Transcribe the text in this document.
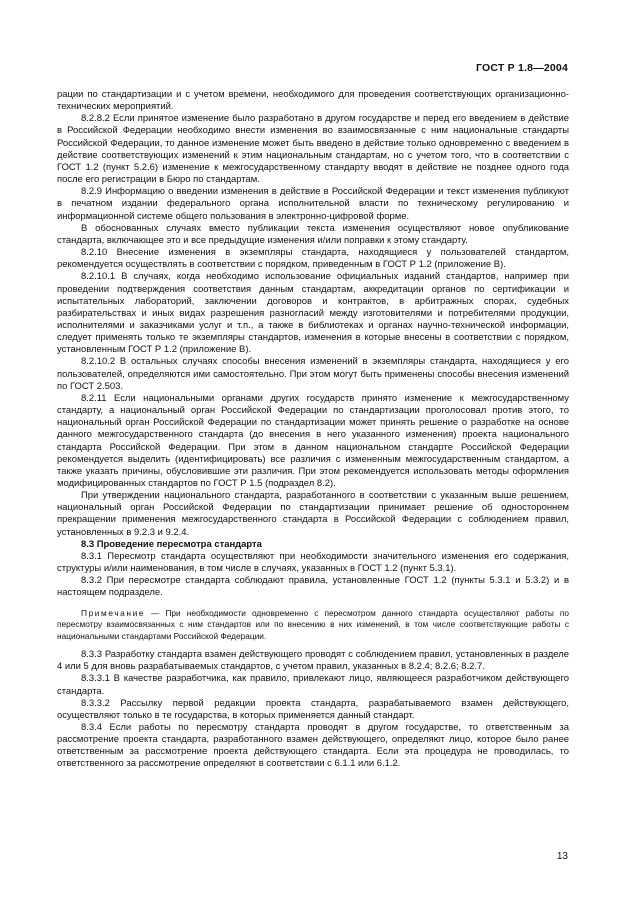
ГОСТ Р 1.8—2004

рации по стандартизации и с учетом времени, необходимого для проведения соответствующих организационно-технических мероприятий.

8.2.8.2 Если принятое изменение было разработано в другом государстве и перед его введением в действие в Российской Федерации необходимо внести изменения во взаимосвязанные с ним национальные стандарты Российской Федерации, то данное изменение может быть введено в действие только одновременно с введением в действие соответствующих изменений к этим национальным стандартам, но с учетом того, что в соответствии с ГОСТ 1.2 (пункт 5.2.6) изменение к межгосударственному стандарту вводят в действие не позднее одного года после его регистрации в Бюро по стандартам.

8.2.9 Информацию о введении изменения в действие в Российской Федерации и текст изменения публикуют в печатном издании федерального органа исполнительной власти по техническому регулированию и информационной системе общего пользования в электронно-цифровой форме.

В обоснованных случаях вместо публикации текста изменения осуществляют новое опубликование стандарта, включающее это и все предыдущие изменения и/или поправки к этому стандарту.

8.2.10 Внесение изменения в экземпляры стандарта, находящиеся у пользователей стандартом, рекомендуется осуществлять в соответствии с порядком, приведенным в ГОСТ Р 1.2 (приложение В).

8.2.10.1 В случаях, когда необходимо использование официальных изданий стандартов, например при проведении подтверждения соответствия данным стандартам, аккредитации органов по сертификации и испытательных лабораторий, заключении договоров и контрактов, в арбитражных спорах, судебных разбирательствах и иных видах разрешения разногласий между изготовителями и потребителями продукции, исполнителями и заказчиками услуг и т.п., а также в библиотеках и органах научно-технической информации, следует применять только те экземпляры стандартов, изменения в которые внесены в соответствии с порядком, установленным ГОСТ Р 1.2 (приложение В).

8.2.10.2 В остальных случаях способы внесения изменений в экземпляры стандарта, находящиеся у его пользователей, определяются ими самостоятельно. При этом могут быть применены способы внесения изменений по ГОСТ 2.503.

8.2.11 Если национальными органами других государств принято изменение к межгосударственному стандарту, а национальный орган Российской Федерации по стандартизации проголосовал против этого, то национальный орган Российской Федерации по стандартизации может принять решение о разработке на основе данного межгосударственного стандарта (до внесения в него указанного изменения) проекта национального стандарта Российской Федерации. При этом в данном национальном стандарте Российской Федерации рекомендуется выделить (идентифицировать) все различия с измененным межгосударственным стандартом, а также указать причины, обусловившие эти различия. При этом рекомендуется использовать методы оформления модифицированных стандартов по ГОСТ Р 1.5 (подраздел 8.2).

При утверждении национального стандарта, разработанного в соответствии с указанным выше решением, национальный орган Российской Федерации по стандартизации принимает решение об одностороннем прекращении применения межгосударственного стандарта в Российской Федерации с соблюдением правил, установленных в 9.2.3 и 9.2.4.

8.3 Проведение пересмотра стандарта

8.3.1 Пересмотр стандарта осуществляют при необходимости значительного изменения его содержания, структуры и/или наименования, в том числе в случаях, указанных в ГОСТ 1.2 (пункт 5.3.1).

8.3.2 При пересмотре стандарта соблюдают правила, установленные ГОСТ 1.2 (пункты 5.3.1 и 5.3.2) и в настоящем подразделе.

Примечание — При необходимости одновременно с пересмотром данного стандарта осуществляют работы по пересмотру взаимосвязанных с ним стандартов или по внесению в них изменений, в том числе соответствующие работы с национальными стандартами Российской Федерации.

8.3.3 Разработку стандарта взамен действующего проводят с соблюдением правил, установленных в разделе 4 или 5 для вновь разрабатываемых стандартов, с учетом правил, указанных в 8.2.4; 8.2.6; 8.2.7.

8.3.3.1 В качестве разработчика, как правило, привлекают лицо, являющееся разработчиком действующего стандарта.

8.3.3.2 Рассылку первой редакции проекта стандарта, разрабатываемого взамен действующего, осуществляют только в те государства, в которых применяется данный стандарт.

8.3.4 Если работы по пересмотру стандарта проводят в другом государстве, то ответственным за рассмотрение проекта стандарта, разработанного взамен действующего, определяют лицо, которое было ранее ответственным за рассмотрение проекта действующего стандарта. Если эта процедура не проводилась, то ответственного за рассмотрение определяют в соответствии с 6.1.1 или 6.1.2.

13
